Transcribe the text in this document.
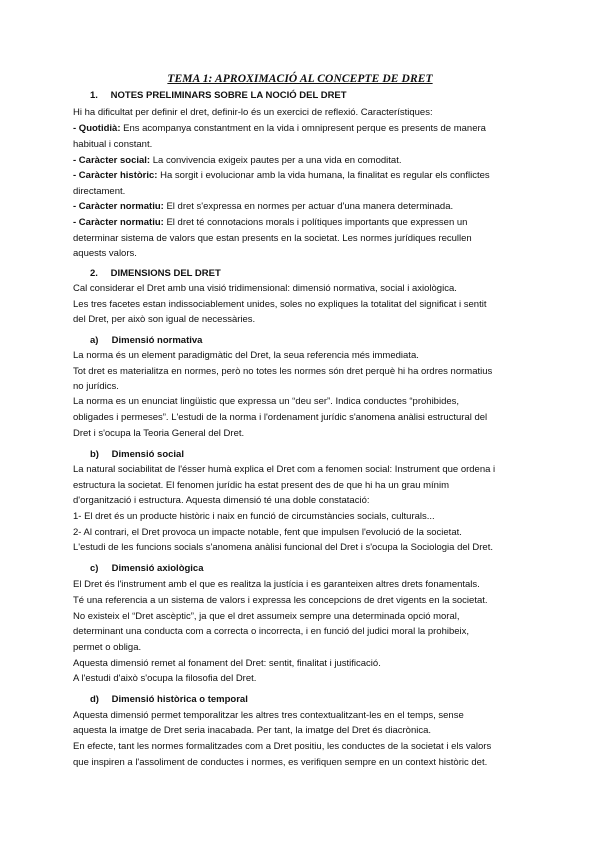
TEMA 1: APROXIMACIÓ AL CONCEPTE DE DRET
1. NOTES PRELIMINARS SOBRE LA NOCIÓ DEL DRET
Hi ha dificultat per definir el dret, definir-lo és un exercici de reflexió. Característiques:
- Quotidià: Ens acompanya constantment en la vida i omnipresent perque es presents de manera
habitual i constant.
- Caràcter social: La convivencia exigeix pautes per a una vida en comoditat.
- Caràcter històric: Ha sorgit i evolucionar amb la vida humana, la finalitat es regular els conflictes
directament.
- Caràcter normatiu: El dret s'expressa en normes per actuar d'una manera determinada.
- Caràcter normatiu: El dret té connotacions morals i polítiques importants que expressen un
determinar sistema de valors que estan presents en la societat. Les normes jurídiques recullen
aquests valors.
2. DIMENSIONS DEL DRET
Cal considerar el Dret amb una visió tridimensional: dimensió normativa, social i axiològica.
Les tres facetes estan indissociablement unides, soles no expliques la totalitat del significat i sentit
del Dret, per això son igual de necessàries.
a) Dimensió normativa
La norma és un element paradigmàtic del Dret, la seua referencia més immediata.
Tot dret es materialitza en normes, però no totes les normes són dret perquè hi ha ordres normatius
no jurídics.
La norma es un enunciat lingüistic que expressa un “deu ser”. Indica conductes “prohibides,
obligades i permeses”. L'estudi de la norma i l'ordenament jurídic s'anomena anàlisi estructural del
Dret i s'ocupa la Teoria General del Dret.
b) Dimensió social
La natural sociabilitat de l'ésser humà explica el Dret com a fenomen social: Instrument que ordena i
estructura la societat. El fenomen jurídic ha estat present des de que hi ha un grau mínim
d'organització i estructura. Aquesta dimensió té una doble constatació:
1- El dret és un producte històric i naix en funció de circumstàncies socials, culturals...
2- Al contrari, el Dret provoca un impacte notable, fent que impulsen l'evolució de la societat.
L'estudi de les funcions socials s'anomena anàlisi funcional del Dret i s'ocupa la Sociologia del Dret.
c) Dimensió axiològica
El Dret és l'instrument amb el que es realitza la justícia i es garanteixen altres drets fonamentals.
Té una referencia a un sistema de valors i expressa les concepcions de dret vigents en la societat.
No existeix el “Dret ascèptic”, ja que el dret assumeix sempre una determinada opció moral,
determinant una conducta com a correcta o incorrecta, i en funció del judici moral la prohibeix,
permet o obliga.
Aquesta dimensió remet al fonament del Dret: sentit, finalitat i justificació.
A l'estudi d'això s'ocupa la filosofia del Dret.
d) Dimensió històrica o temporal
Aquesta dimensió permet temporalitzar les altres tres contextualitzant-les en el temps, sense
aquesta la imatge de Dret seria inacabada. Per tant, la imatge del Dret és diacrònica.
En efecte, tant les normes formalitzades com a Dret positiu, les conductes de la societat i els valors
que inspiren a l'assoliment de conductes i normes, es verifiquen sempre en un context històric det.
